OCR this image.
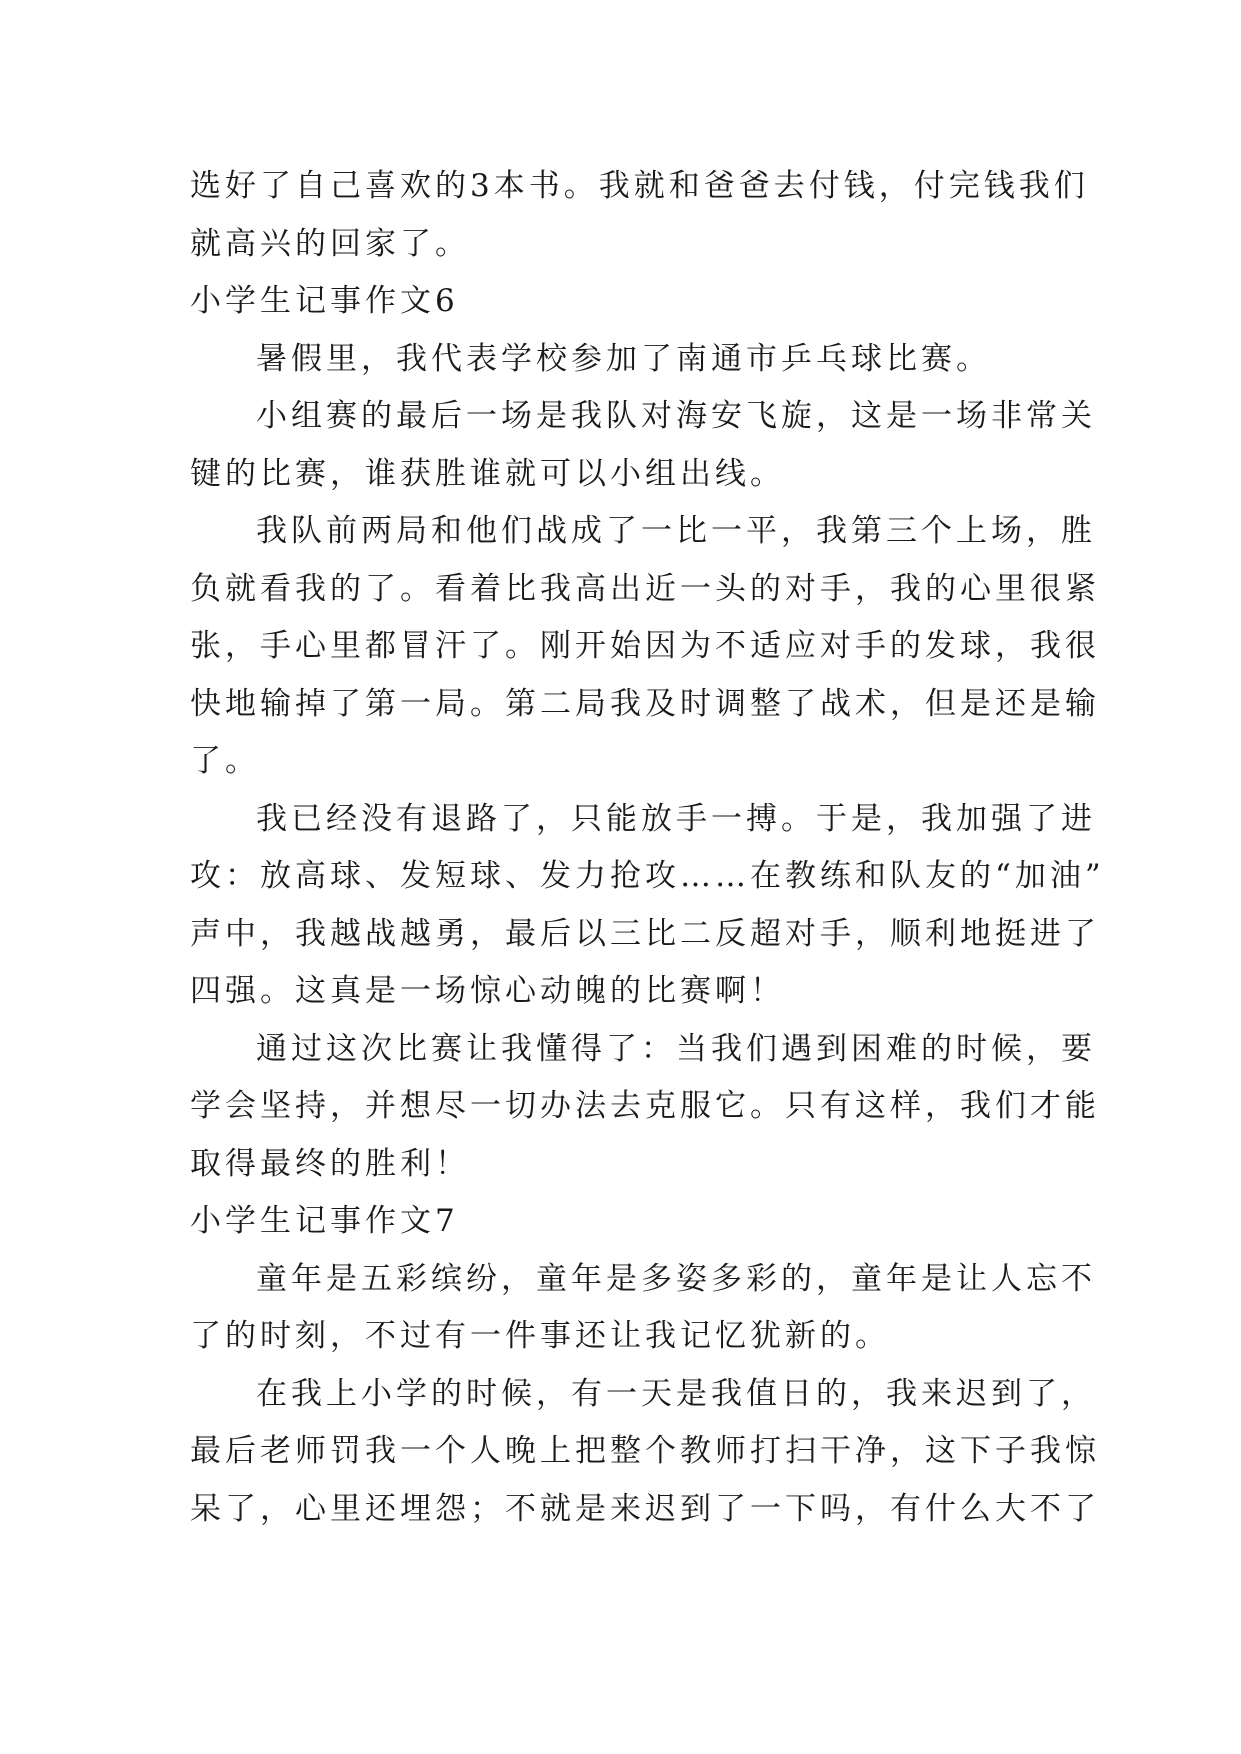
选好了自己喜欢的3本书。我就和爸爸去付钱，付完钱我们
就高兴的回家了。
小学生记事作文6
暑假里，我代表学校参加了南通市乒乓球比赛。
小组赛的最后一场是我队对海安飞旋，这是一场非常关
键的比赛，谁获胜谁就可以小组出线。
我队前两局和他们战成了一比一平，我第三个上场，胜
负就看我的了。看着比我高出近一头的对手，我的心里很紧
张，手心里都冒汗了。刚开始因为不适应对手的发球，我很
快地输掉了第一局。第二局我及时调整了战术，但是还是输
了。
我已经没有退路了，只能放手一搏。于是，我加强了进
攻：放高球、发短球、发力抢攻……在教练和队友的“加油”
声中，我越战越勇，最后以三比二反超对手，顺利地挺进了
四强。这真是一场惊心动魄的比赛啊！
通过这次比赛让我懂得了：当我们遇到困难的时候，要
学会坚持，并想尽一切办法去克服它。只有这样，我们才能
取得最终的胜利！
小学生记事作文7
童年是五彩缤纷，童年是多姿多彩的，童年是让人忘不
了的时刻，不过有一件事还让我记忆犹新的。
在我上小学的时候，有一天是我值日的，我来迟到了，
最后老师罚我一个人晚上把整个教师打扫干净，这下子我惊
呆了，心里还埋怨；不就是来迟到了一下吗，有什么大不了
